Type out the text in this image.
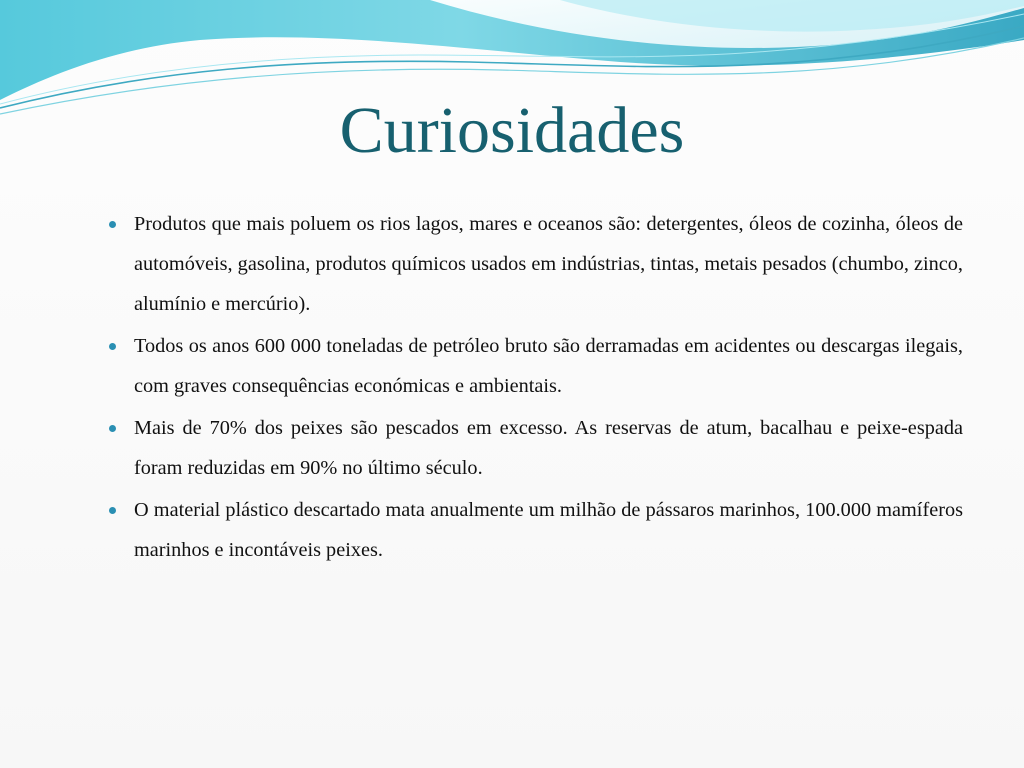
Curiosidades
Produtos que mais poluem os rios lagos, mares e oceanos são: detergentes, óleos de cozinha, óleos de automóveis, gasolina, produtos químicos usados em indústrias, tintas, metais pesados (chumbo, zinco, alumínio e mercúrio).
Todos os anos 600 000 toneladas de petróleo bruto são derramadas em acidentes ou descargas ilegais, com graves consequências económicas e ambientais.
Mais de 70% dos peixes são pescados em excesso. As reservas de atum, bacalhau e peixe-espada foram reduzidas em 90% no último século.
O material plástico descartado mata anualmente um milhão de pássaros marinhos, 100.000 mamíferos marinhos e incontáveis peixes.
